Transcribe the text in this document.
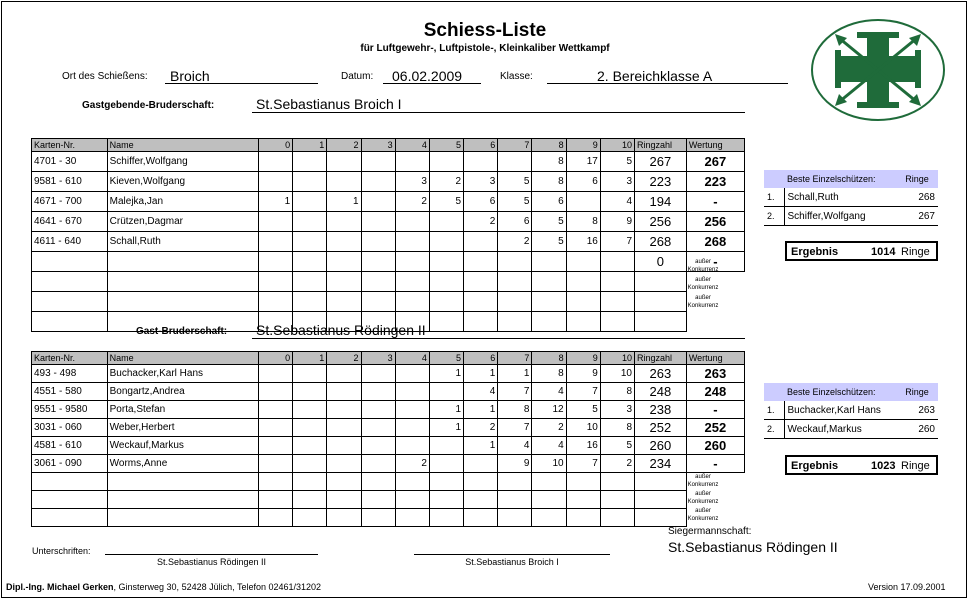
Schiess-Liste
für Luftgewehr-, Luftpistole-, Kleinkaliber Wettkampf
Ort des Schießens: Broich	Datum: 06.02.2009	Klasse:	2. Bereichklasse A
Gastgebende-Bruderschaft:	St.Sebastianus Broich I
Karten-Nr.	Name	0	1	2	3	4	5	6	7	8	9	10	Ringzahl	Wertung
4701 - 30	Schiffer,Wolfgang									8	17	5	267	267
9581 - 610	Kieven,Wolfgang					3	2	3	5	8	6	3	223	223
4671 - 700	Malejka,Jan	1		1		2	5	6	5	6		4	194	-
4641 - 670	Crützen,Dagmar							2	6	5	8	9	256	256
4611 - 640	Schall,Ruth								2	5	16	7	268	268
													0	-

außer Konkurrenz
außer Konkurrenz
außer Konkurrenz
	Beste Einzelschützen:	Ringe
1.	Schall,Ruth	268
2.	Schiffer,Wolfgang	267
Ergebnis	1014 Ringe
Gast-Bruderschaft: St.Sebastianus Rödingen II
Karten-Nr.	Name	0	1	2	3	4	5	6	7	8	9	10	Ringzahl	Wertung
493 - 498	Buchacker,Karl Hans						1	1	1	8	9	10	263	263
4551 - 580	Bongartz,Andrea							4	7	4	7	8	248	248
9551 - 9580	Porta,Stefan						1	1	8	12	5	3	238	-
3031 - 060	Weber,Herbert						1	2	7	2	10	8	252	252
4581 - 610	Weckauf,Markus							1	4	4	16	5	260	260
3061 - 090	Worms,Anne					2			9	10	7	2	234	-

außer Konkurrenz
außer Konkurrenz
außer Konkurrenz
	Beste Einzelschützen:	Ringe
1.	Buchacker,Karl Hans	263
2.	Weckauf,Markus	260
Ergebnis	1023 Ringe
Siegermannschaft:
St.Sebastianus Rödingen II
Unterschriften:
St.Sebastianus Rödingen II	St.Sebastianus Broich I
Dipl.-Ing. Michael Gerken, Ginsterweg 30, 52428 Jülich, Telefon 02461/31202	Version 17.09.2001
